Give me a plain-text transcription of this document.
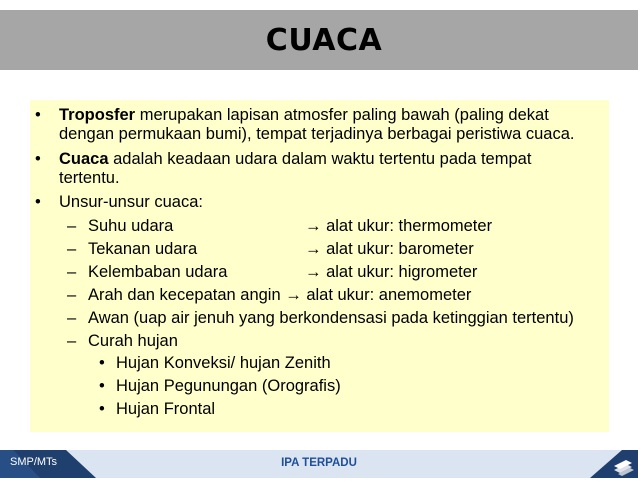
CUACA
• Troposfer merupakan lapisan atmosfer paling bawah (paling dekat
dengan permukaan bumi), tempat terjadinya berbagai peristiwa cuaca.
• Cuaca adalah keadaan udara dalam waktu tertentu pada tempat
tertentu.
• Unsur-unsur cuaca:
– Suhu udara	→ alat ukur: thermometer
– Tekanan udara	→ alat ukur: barometer
– Kelembaban udara	→ alat ukur: higrometer
– Arah dan kecepatan angin → alat ukur: anemometer
– Awan (uap air jenuh yang berkondensasi pada ketinggian tertentu)
– Curah hujan
• Hujan Konveksi/ hujan Zenith
• Hujan Pegunungan (Orografis)
• Hujan Frontal
SMP/MTs	IPA TERPADU
